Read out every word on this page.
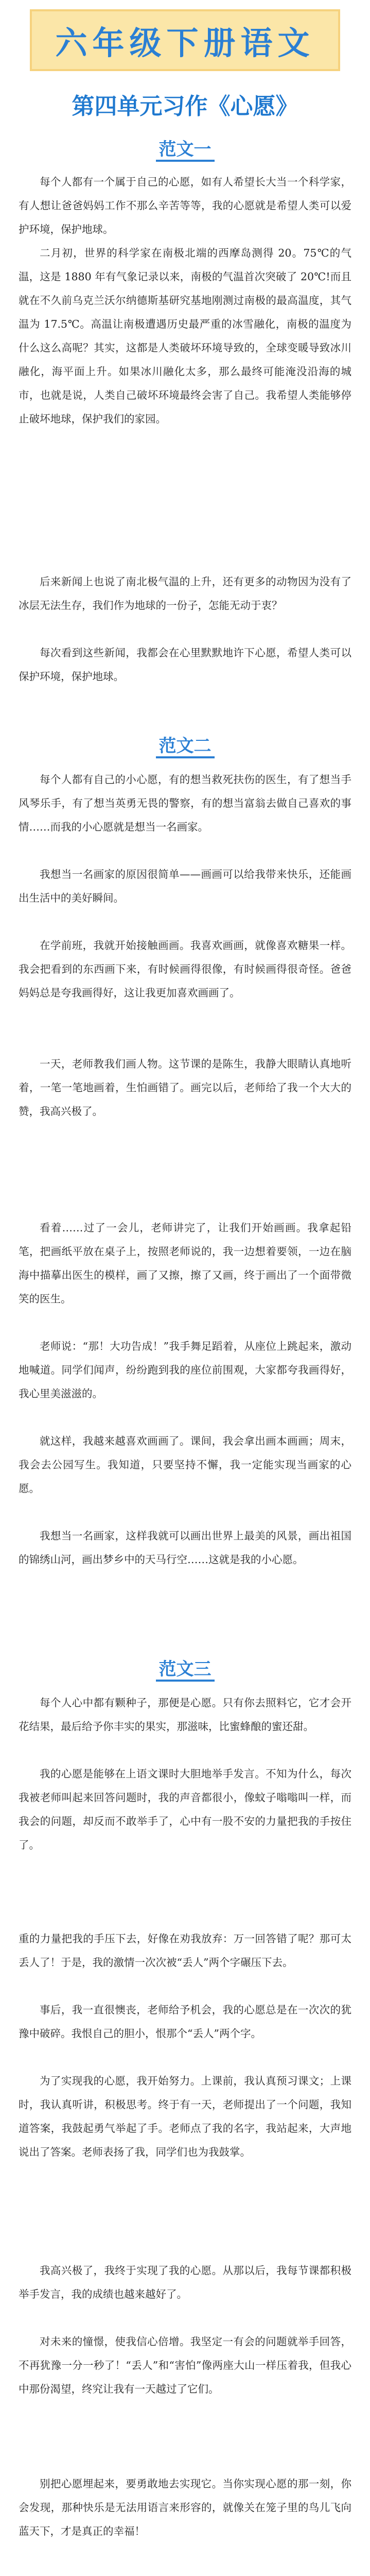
六年级下册语文
第四单元习作《心愿》
范文一

每个人都有一个属于自己的心愿，如有人希望长大当一个科学家，有人想让爸爸妈妈工作不那么辛苦等等，我的心愿就是希望人类可以爱护环境，保护地球。

二月初，世界的科学家在南极北端的西摩岛测得 20。75℃的气温，这是 1880 年有气象记录以来，南极的气温首次突破了 20℃!而且就在不久前乌克兰沃尔纳德斯基研究基地刚测过南极的最高温度，其气温为 17.5℃。高温让南极遭遇历史最严重的冰雪融化，南极的温度为什么这么高呢？其实，这都是人类破坏环境导致的，全球变暖导致冰川融化，海平面上升。如果冰川融化太多，那么最终可能淹没沿海的城市，也就是说，人类自己破坏环境最终会害了自己。我希望人类能够停止破坏地球，保护我们的家园。

后来新闻上也说了南北极气温的上升，还有更多的动物因为没有了冰层无法生存，我们作为地球的一份子，怎能无动于衷？

每次看到这些新闻，我都会在心里默默地许下心愿，希望人类可以保护环境，保护地球。

范文二

每个人都有自己的小心愿，有的想当救死扶伤的医生，有了想当手风琴乐手，有了想当英勇无畏的警察，有的想当富翁去做自己喜欢的事情……而我的小心愿就是想当一名画家。

我想当一名画家的原因很简单——画画可以给我带来快乐，还能画出生活中的美好瞬间。

在学前班，我就开始接触画画。我喜欢画画，就像喜欢糖果一样。我会把看到的东西画下来，有时候画得很像，有时候画得很奇怪。爸爸妈妈总是夸我画得好，这让我更加喜欢画画了。

一天，老师教我们画人物。这节课的是陈生，我静大眼睛认真地听着，一笔一笔地画着，生怕画错了。画完以后，老师给了我一个大大的赞，我高兴极了。

看着……过了一会儿，老师讲完了，让我们开始画画。我拿起铅笔，把画纸平放在桌子上，按照老师说的，我一边想着要领，一边在脑海中描摹出医生的模样，画了又擦，擦了又画，终于画出了一个面带微笑的医生。

老师说：“那！大功告成！”我手舞足蹈着，从座位上跳起来，激动地喊道。同学们闻声，纷纷跑到我的座位前围观，大家都夸我画得好，我心里美滋滋的。

就这样，我越来越喜欢画画了。课间，我会拿出画本画画；周末，我会去公园写生。我知道，只要坚持不懈，我一定能实现当画家的心愿。

我想当一名画家，这样我就可以画出世界上最美的风景，画出祖国的锦绣山河，画出梦乡中的天马行空……这就是我的小心愿。

范文三

每个人心中都有颗种子，那便是心愿。只有你去照料它，它才会开花结果，最后给予你丰实的果实，那滋味，比蜜蜂酿的蜜还甜。

我的心愿是能够在上语文课时大胆地举手发言。不知为什么，每次我被老师叫起来回答问题时，我的声音都很小，像蚊子嗡嗡叫一样，而我会的问题，却反而不敢举手了，心中有一股不安的力量把我的手按住了。

重的力量把我的手压下去，好像在劝我放弃：万一回答错了呢？那可太丢人了！于是，我的激情一次次被“丢人”两个字碾压下去。

事后，我一直很懊丧，老师给予机会，我的心愿总是在一次次的犹豫中破碎。我恨自己的胆小，恨那个“丢人”两个字。

为了实现我的心愿，我开始努力。上课前，我认真预习课文；上课时，我认真听讲，积极思考。终于有一天，老师提出了一个问题，我知道答案，我鼓起勇气举起了手。老师点了我的名字，我站起来，大声地说出了答案。老师表扬了我，同学们也为我鼓掌。

我高兴极了，我终于实现了我的心愿。从那以后，我每节课都积极举手发言，我的成绩也越来越好了。

对未来的憧憬，使我信心倍增。我坚定一有会的问题就举手回答，不再犹豫一分一秒了！“丢人”和“害怕”像两座大山一样压着我，但我心中那份渴望，终究让我有一天越过了它们。

别把心愿埋起来，要勇敢地去实现它。当你实现心愿的那一刻，你会发现，那种快乐是无法用语言来形容的，就像关在笼子里的鸟儿飞向蓝天下，才是真正的幸福！
